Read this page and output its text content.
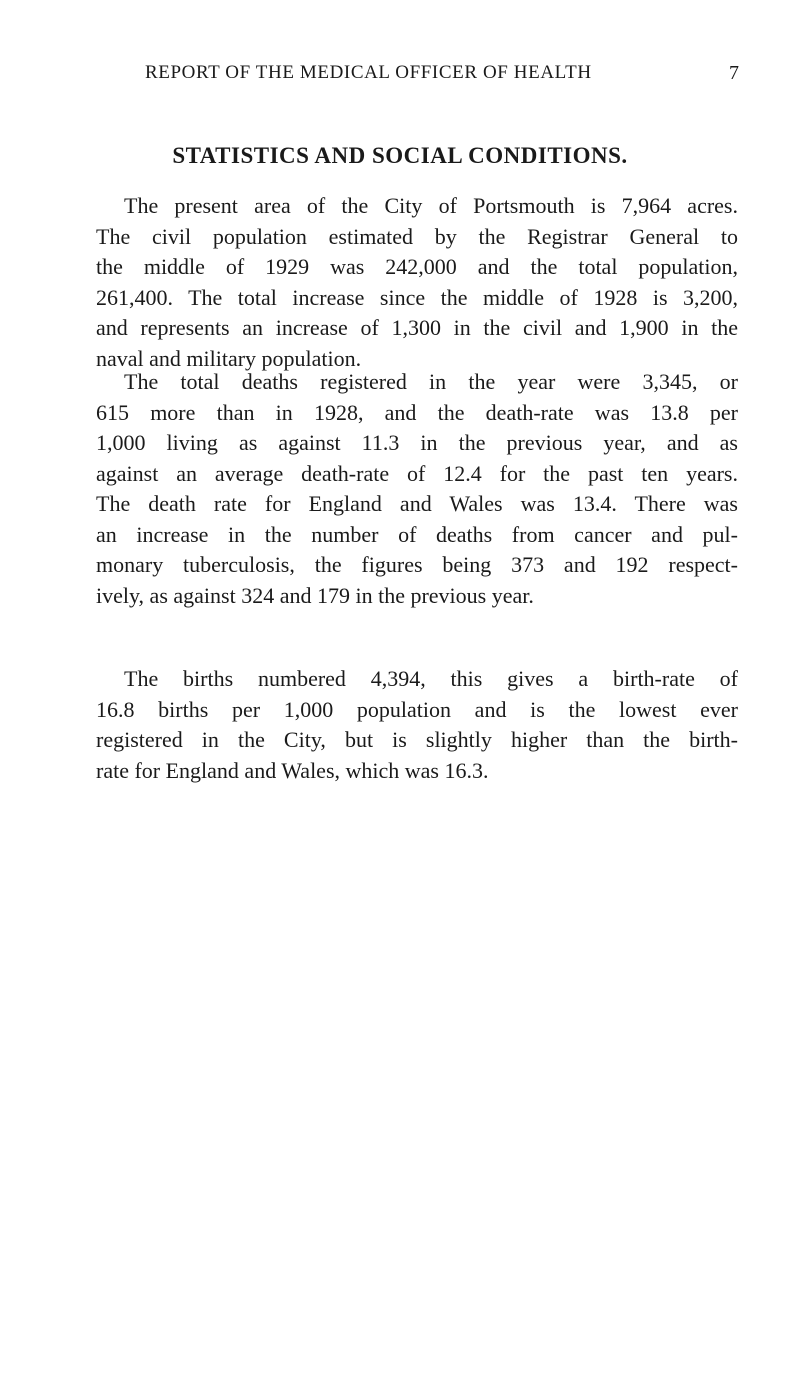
REPORT OF THE MEDICAL OFFICER OF HEALTH	7
STATISTICS AND SOCIAL CONDITIONS.
The present area of the City of Portsmouth is 7,964 acres.
The civil population estimated by the Registrar General to
the middle of 1929 was 242,000 and the total population,
261,400. The total increase since the middle of 1928 is 3,200,
and represents an increase of 1,300 in the civil and 1,900 in the
naval and military population.
The total deaths registered in the year were 3,345, or
615 more than in 1928, and the death-rate was 13.8 per
1,000 living as against 11.3 in the previous year, and as
against an average death-rate of 12.4 for the past ten years.
The death rate for England and Wales was 13.4. There was
an increase in the number of deaths from cancer and pul-
monary tuberculosis, the figures being 373 and 192 respect-
ively, as against 324 and 179 in the previous year.
The births numbered 4,394, this gives a birth-rate of
16.8 births per 1,000 population and is the lowest ever
registered in the City, but is slightly higher than the birth-
rate for England and Wales, which was 16.3.
